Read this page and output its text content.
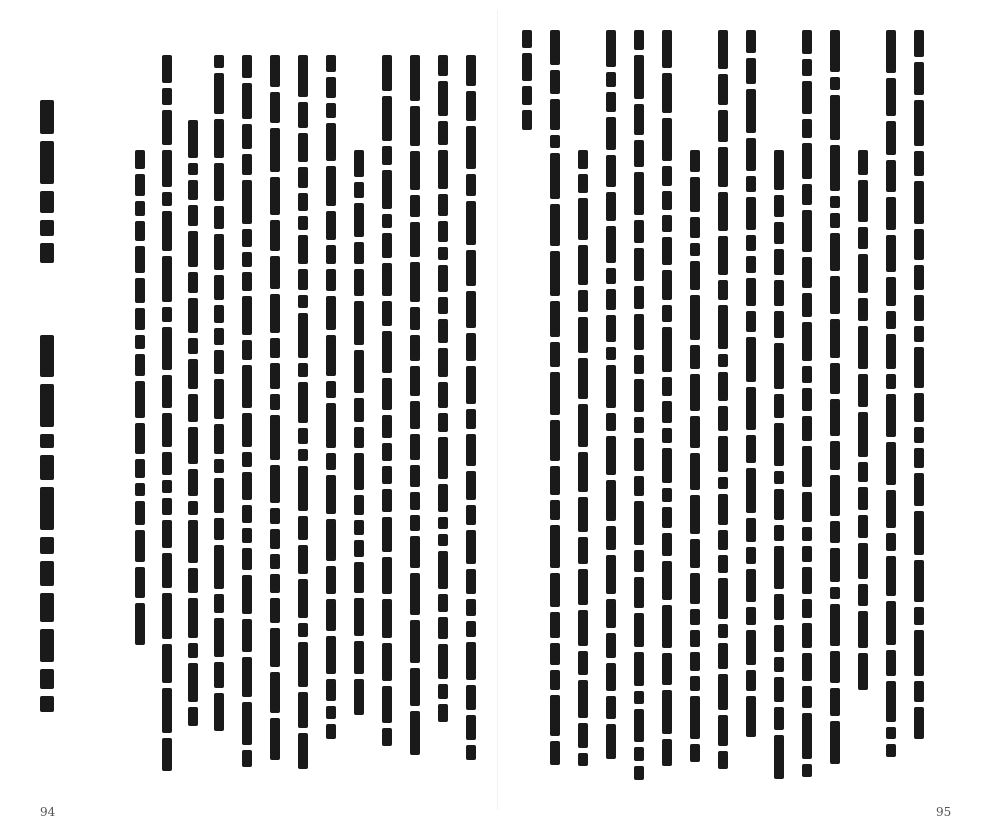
94	95
